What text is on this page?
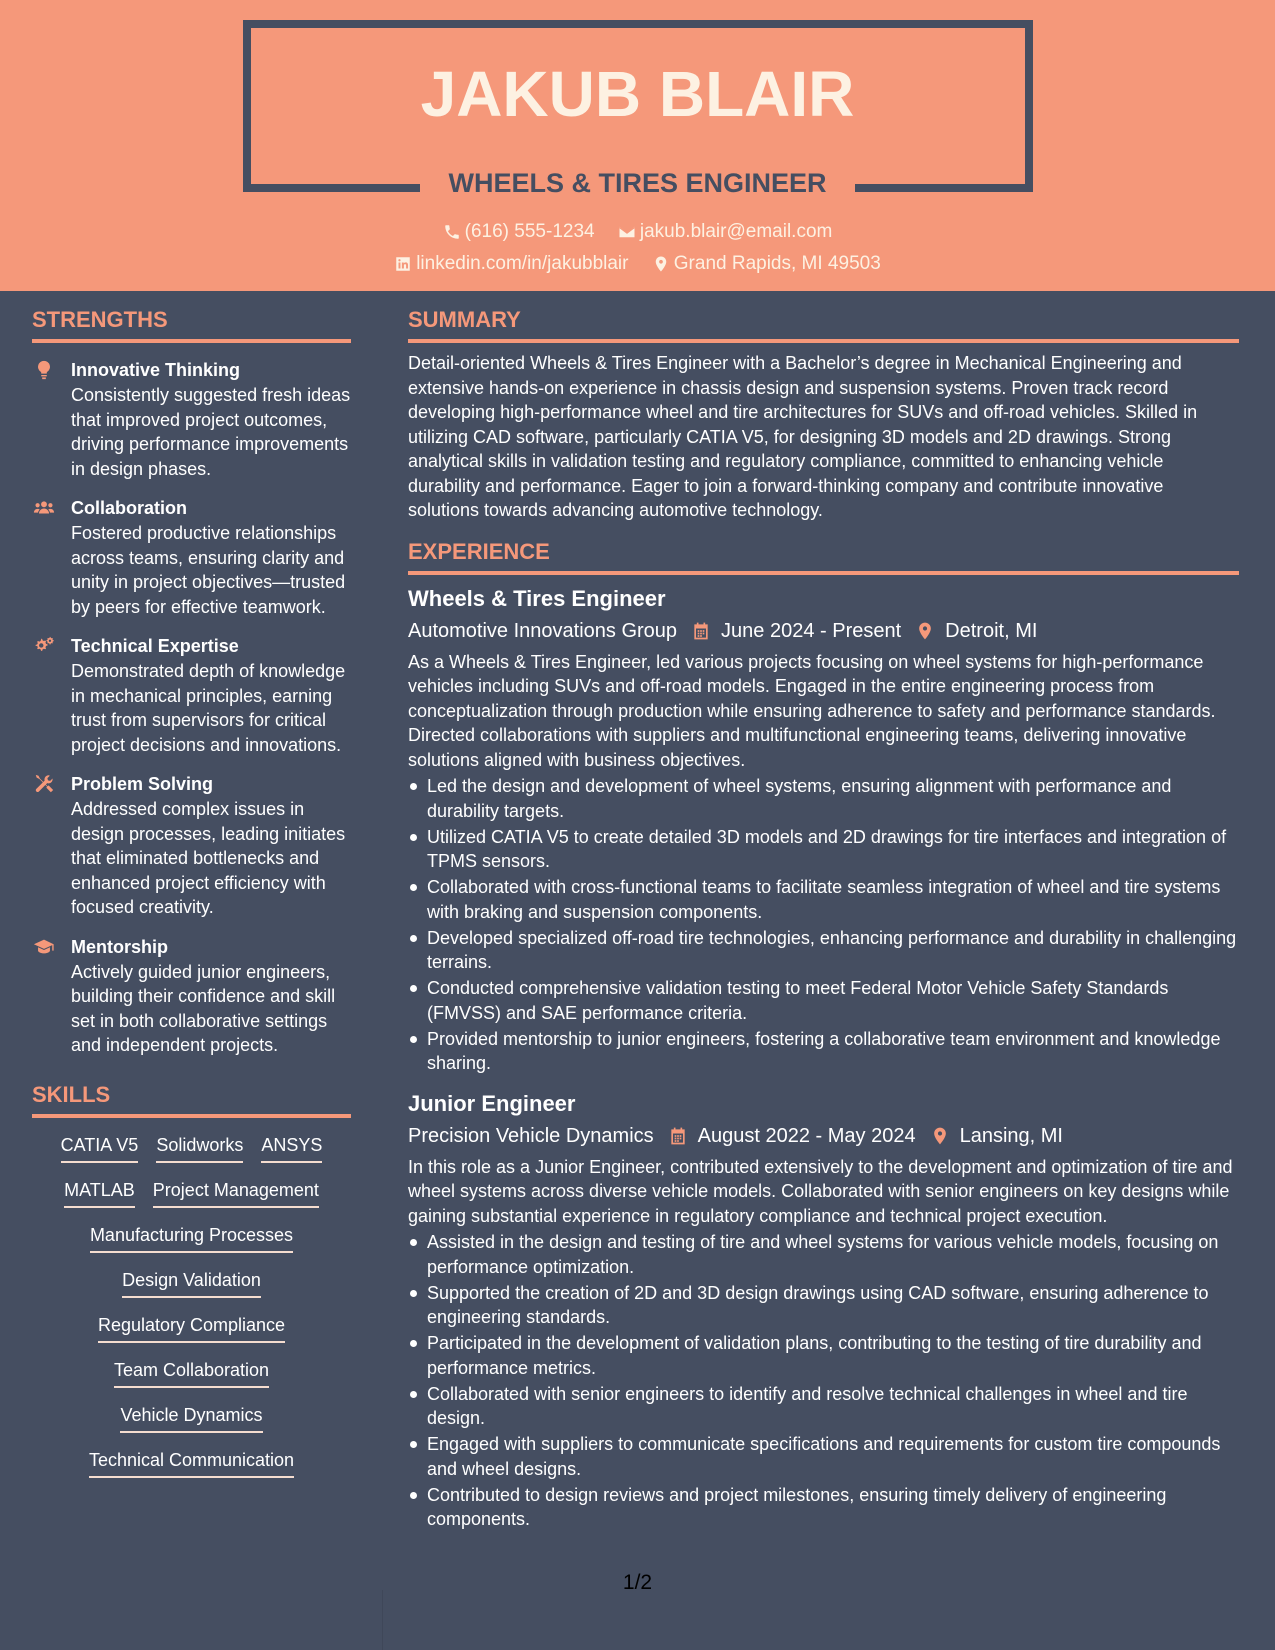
JAKUB BLAIR
WHEELS & TIRES ENGINEER
(616) 555-1234
jakub.blair@email.com
linkedin.com/in/jakubblair
Grand Rapids, MI 49503
STRENGTHS
Innovative Thinking
Consistently suggested fresh ideas that improved project outcomes, driving performance improvements in design phases.
Collaboration
Fostered productive relationships across teams, ensuring clarity and unity in project objectives—trusted by peers for effective teamwork.
Technical Expertise
Demonstrated depth of knowledge in mechanical principles, earning trust from supervisors for critical project decisions and innovations.
Problem Solving
Addressed complex issues in design processes, leading initiates that eliminated bottlenecks and enhanced project efficiency with focused creativity.
Mentorship
Actively guided junior engineers, building their confidence and skill set in both collaborative settings and independent projects.
SKILLS
CATIA V5 Solidworks ANSYS
MATLAB Project Management
Manufacturing Processes
Design Validation
Regulatory Compliance
Team Collaboration
Vehicle Dynamics
Technical Communication
SUMMARY
Detail-oriented Wheels & Tires Engineer with a Bachelor’s degree in Mechanical Engineering and extensive hands-on experience in chassis design and suspension systems. Proven track record developing high-performance wheel and tire architectures for SUVs and off-road vehicles. Skilled in utilizing CAD software, particularly CATIA V5, for designing 3D models and 2D drawings. Strong analytical skills in validation testing and regulatory compliance, committed to enhancing vehicle durability and performance. Eager to join a forward-thinking company and contribute innovative solutions towards advancing automotive technology.
EXPERIENCE
Wheels & Tires Engineer
Automotive Innovations Group June 2024 - Present Detroit, MI
As a Wheels & Tires Engineer, led various projects focusing on wheel systems for high-performance vehicles including SUVs and off-road models. Engaged in the entire engineering process from conceptualization through production while ensuring adherence to safety and performance standards. Directed collaborations with suppliers and multifunctional engineering teams, delivering innovative solutions aligned with business objectives.
Led the design and development of wheel systems, ensuring alignment with performance and durability targets.
Utilized CATIA V5 to create detailed 3D models and 2D drawings for tire interfaces and integration of TPMS sensors.
Collaborated with cross-functional teams to facilitate seamless integration of wheel and tire systems with braking and suspension components.
Developed specialized off-road tire technologies, enhancing performance and durability in challenging terrains.
Conducted comprehensive validation testing to meet Federal Motor Vehicle Safety Standards (FMVSS) and SAE performance criteria.
Provided mentorship to junior engineers, fostering a collaborative team environment and knowledge sharing.
Junior Engineer
Precision Vehicle Dynamics August 2022 - May 2024 Lansing, MI
In this role as a Junior Engineer, contributed extensively to the development and optimization of tire and wheel systems across diverse vehicle models. Collaborated with senior engineers on key designs while gaining substantial experience in regulatory compliance and technical project execution.
Assisted in the design and testing of tire and wheel systems for various vehicle models, focusing on performance optimization.
Supported the creation of 2D and 3D design drawings using CAD software, ensuring adherence to engineering standards.
Participated in the development of validation plans, contributing to the testing of tire durability and performance metrics.
Collaborated with senior engineers to identify and resolve technical challenges in wheel and tire design.
Engaged with suppliers to communicate specifications and requirements for custom tire compounds and wheel designs.
Contributed to design reviews and project milestones, ensuring timely delivery of engineering components.
1/2
